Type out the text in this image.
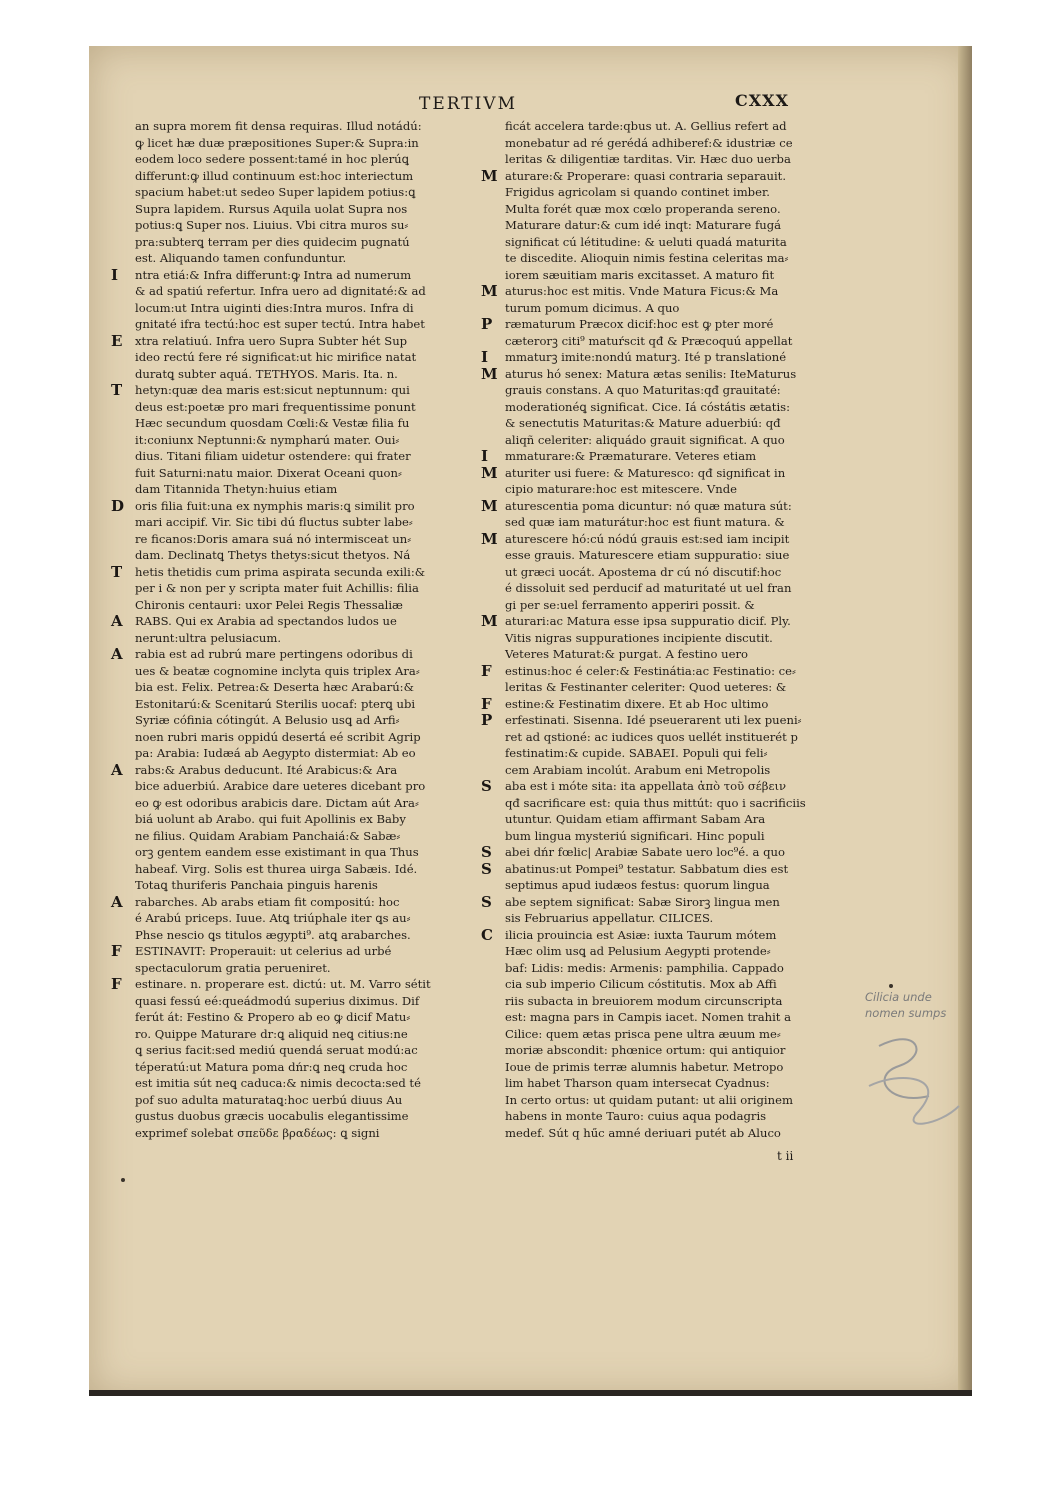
TERTIVM	CXXX
an supra morem fit densa requiras. Illud notádú:
ꝙ licet hæ duæ præpositiones Super:& Supra:in
eodem loco sedere possent:tamé in hoc plerúꝗ
differunt:ꝙ illud continuum est:hoc interiectum
spacium habet:ut sedeo Super lapidem potius:ꝗ
Supra lapidem. Rursus Aquila uolat Supra nos
potius:ꝗ Super nos. Liuius. Vbi citra muros su⸗
pra:subterꝗ terram per dies quidecim pugnatú
est. Aliquando tamen confunduntur.
I ntra etiá:& Infra differunt:ꝙ Intra ad numerum
& ad spatiú refertur. Infra uero ad dignitaté:& ad
locum:ut Intra uiginti dies:Intra muros. Infra di
gnitaté ifra tectú:hoc est super tectú. Intra habet
E xtra relatiuú. Infra uero Supra Subter hét Sup
ideo rectú fere ré significat:ut hic mirifice natat
duratꝗ subter aquá. TETHYOS. Maris. Ita. n.
T hetyn:quæ dea maris est:sicut neptunnum: qui
deus est:poetæ pro mari frequentissime ponunt
Hæc secundum quosdam Cœli:& Vestæ filia fu
it:coniunx Neptunni:& nympharú mater. Oui⸗
dius. Titani filiam uidetur ostendere: qui frater
fuit Saturni:natu maior. Dixerat Oceani quon⸗
dam Titannida Thetyn:huius etiam
D oris filia fuit:una ex nymphis maris:ꝗ similit pro
mari accipif. Vir. Sic tibi dú fluctus subter labe⸗
re ficanos:Doris amara suá nó intermisceat un⸗
dam. Declinatꝗ Thetys thetys:sicut thetyos. Ná
T hetis thetidis cum prima aspirata secunda exili:&
per i & non per y scripta mater fuit Achillis: filia
Chironis centauri: uxor Pelei Regis Thessaliæ
A RABS. Qui ex Arabia ad spectandos ludos ue
nerunt:ultra pelusiacum.
A rabia est ad rubrú mare pertingens odoribus di
ues & beatæ cognomine inclyta quis triplex Ara⸗
bia est. Felix. Petrea:& Deserta hæc Arabarú:&
Estonitarú:& Scenitarú Sterilis uocaf: pterꝗ ubi
Syriæ cófinia cótingút. A Belusio usꝗ ad Arfi⸗
noen rubri maris oppidú desertá eé scribit Agrip
pa: Arabia: Iudæá ab Aegypto distermiat: Ab eo
A rabs:& Arabus deducunt. Ité Arabicus:& Ara
bice aduerbiú. Arabice dare ueteres dicebant pro
eo ꝙ est odoribus arabicis dare. Dictam aút Ara⸗
biá uolunt ab Arabo. qui fuit Apollinis ex Baby
ne filius. Quidam Arabiam Panchaiá:& Sabæ⸗
orꝫ gentem eandem esse existimant in qua Thus
habeaf. Virg. Solis est thurea uirga Sabæis. Idé.
Totaꝗ thuriferis Panchaia pinguis harenis
A rabarches. Ab arabs etiam fit compositú: hoc
é Arabú priceps. Iuue. Atꝗ triúphale iter ꝗs au⸗
Phse nescio ꝗs titulos ægypti⁹. atꝗ arabarches.
F ESTINAVIT: Properauit: ut celerius ad urbé
spectaculorum gratia perueniret.
F estinare. n. properare est. dictú: ut. M. Varro sétit
quasi fessú eé:queádmodú superius diximus. Dif
ferút át: Festino & Propero ab eo ꝙ dicif Matu⸗
ro. Quippe Maturare dr:ꝗ aliquid neꝗ citius:ne
ꝗ serius facit:sed mediú quendá seruat modú:ac
téperatú:ut Matura poma dńr:ꝗ neꝗ cruda hoc
est imitia sút neꝗ caduca:& nimis decocta:sed té
pof suo adulta maturataꝗ:hoc uerbú diuus Au
gustus duobus græcis uocabulis elegantissime
exprimef solebat σπεῦδε βραδέως: ꝗ signi
ficát accelera tarde:qbus ut. A. Gellius refert ad
monebatur ad ré gerédá adhiberef:& idustriæ ce
leritas & diligentiæ tarditas. Vir. Hæc duo uerba
M aturare:& Properare: quasi contraria separauit.
Frigidus agricolam si quando continet imber.
Multa forét quæ mox cœlo properanda sereno.
Maturare datur:& cum idé inqt: Maturare fugá
significat cú létitudine: & ueluti quadá maturita
te discedite. Alioquin nimis festina celeritas ma⸗
iorem sæuitiam maris excitasset. A maturo fit
M aturus:hoc est mitis. Vnde Matura Ficus:& Ma
turum pomum dicimus. A quo
P ræmaturum Præcox dicif:hoc est ꝙ pter moré
cæterorꝫ citi⁹ matuŕscit qđ & Præcoquú appellat
I mmaturꝫ imite:nondú maturꝫ. Ité p translationé
M aturus hó senex: Matura ætas senilis: IteMaturus
grauis constans. A quo Maturitas:qđ grauitaté:
moderationéꝗ significat. Cice. Iá cóstátis ætatis:
& senectutis Maturitas:& Mature aduerbiú: qđ
aliqñ celeriter: aliquádo grauit significat. A quo
I mmaturare:& Præmaturare. Veteres etiam
M aturiter usi fuere: & Maturesco: qđ significat in
cipio maturare:hoc est mitescere. Vnde
M aturescentia poma dicuntur: nó quæ matura sút:
sed quæ iam maturátur:hoc est fiunt matura. &
M aturescere hó:cú nódú grauis est:sed iam incipit
esse grauis. Maturescere etiam suppuratio: siue
ut græci uocát. Apostema dr cú nó discutif:hoc
é dissoluit sed perducif ad maturitaté ut uel fran
gi per se:uel ferramento apperiri possit. &
M aturari:ac Matura esse ipsa suppuratio dicif. Ply.
Vitis nigras suppurationes incipiente discutit.
Veteres Maturat:& purgat. A festino uero
F estinus:hoc é celer:& Festinátia:ac Festinatio: ce⸗
leritas & Festinanter celeriter: Quod ueteres: &
F estine:& Festinatim dixere. Et ab Hoc ultimo
P erfestinati. Sisenna. Idé pseuerarent uti lex pueni⸗
ret ad qstioné: ac iudices quos uellét instituerét p
festinatim:& cupide. SABAEI. Populi qui feli⸗
cem Arabiam incolút. Arabum eni Metropolis
S aba est i móte sita: ita appellata ἀπὸ τοῦ σέβειν
qđ sacrificare est: quia thus mittút: quo i sacrificiis
utuntur. Quidam etiam affirmant Sabam Ara
bum lingua mysteriú significari. Hinc populi
S abei dńr fœlic| Arabiæ Sabate uero loc⁹é. a quo
S abatinus:ut Pompei⁹ testatur. Sabbatum dies est
septimus apud iudæos festus: quorum lingua
S abe septem significat: Sabæ Sirorꝫ lingua men
sis Februarius appellatur. CILICES.
C ilicia prouincia est Asiæ: iuxta Taurum mótem
Hæc olim usꝗ ad Pelusium Aegypti protende⸗
baf: Lidis: medis: Armenis: pamphilia. Cappado
cia sub imperio Cilicum cóstitutis. Mox ab Affi
riis subacta in breuiorem modum circunscripta
est: magna pars in Campis iacet. Nomen trahit a
Cilice: quem ætas prisca pene ultra æuum me⸗
moriæ abscondit: phœnice ortum: qui antiquior
Ioue de primis terræ alumnis habetur. Metropo
lim habet Tharson quam intersecat Cyadnus:
In certo ortus: ut quidam putant: ut alii originem
habens in monte Tauro: cuius aqua podagris
medef. Sút q hűc amné deriuari putét ab Aluco
t ii
Cilicia unde
nomen sumps
